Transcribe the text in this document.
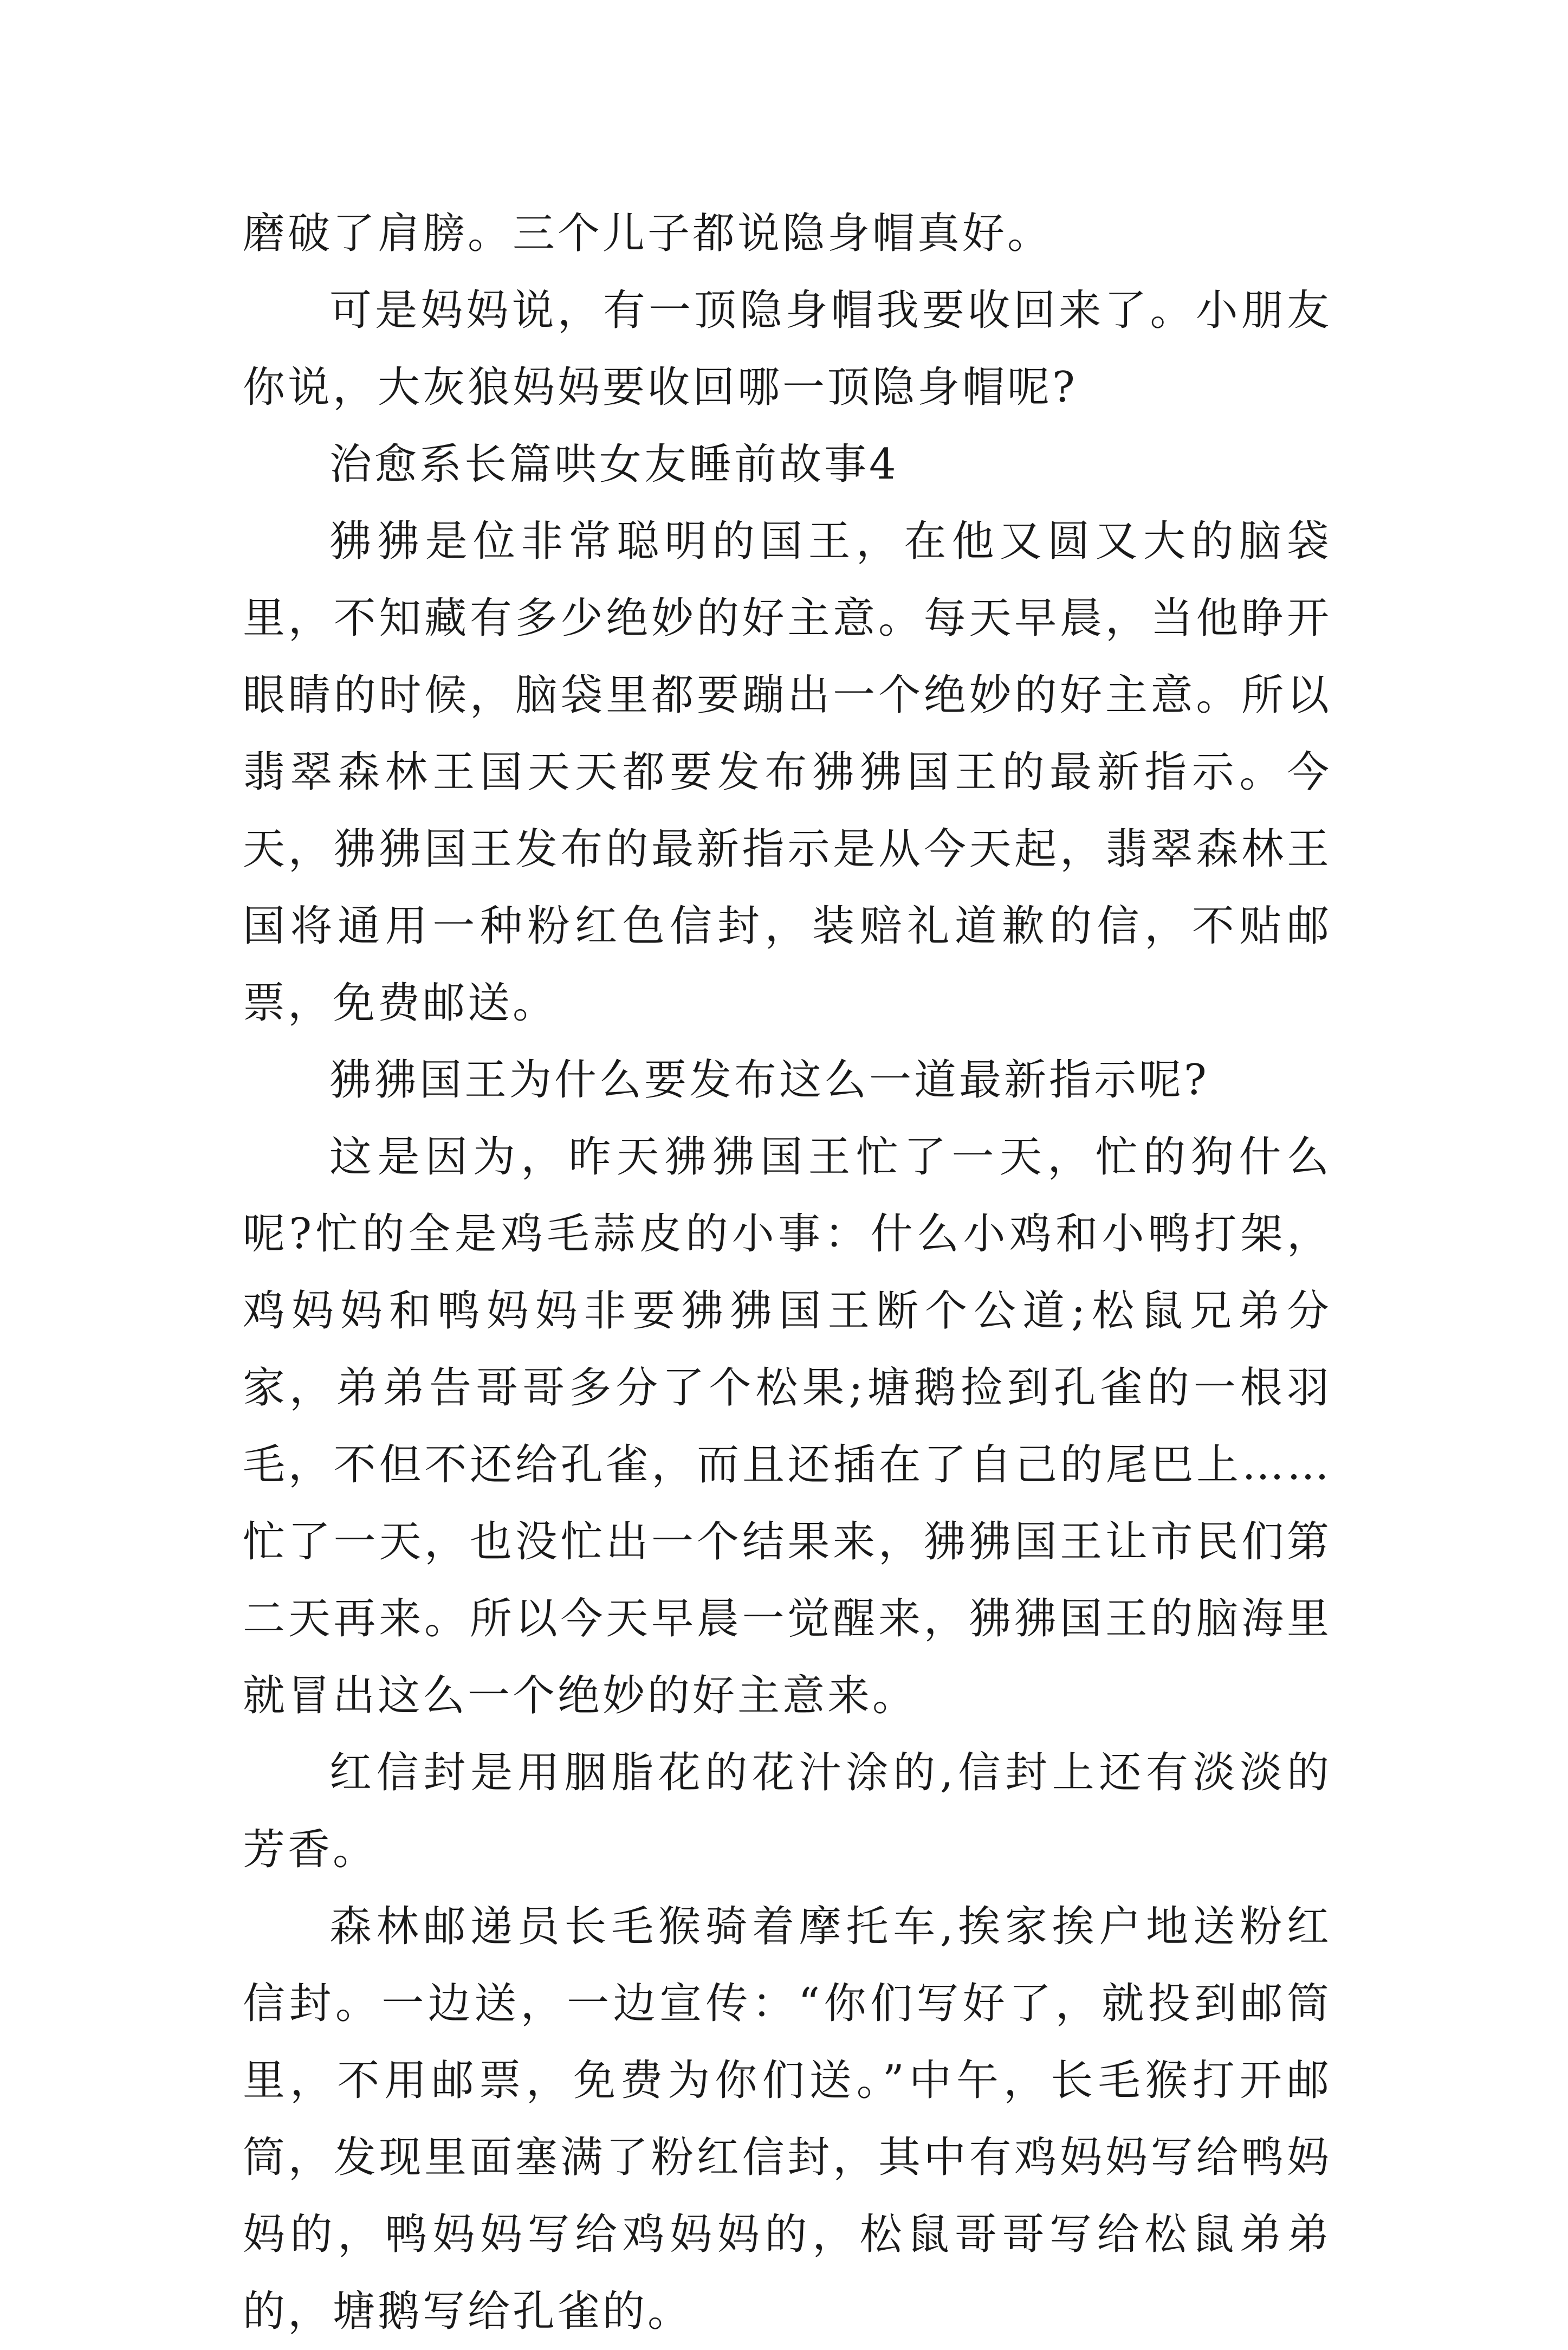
磨破了肩膀。三个儿子都说隐身帽真好。

可是妈妈说，有一顶隐身帽我要收回来了。小朋友你说，大灰狼妈妈要收回哪一顶隐身帽呢?

治愈系长篇哄女友睡前故事4

狒狒是位非常聪明的国王，在他又圆又大的脑袋里，不知藏有多少绝妙的好主意。每天早晨，当他睁开眼睛的时候，脑袋里都要蹦出一个绝妙的好主意。所以翡翠森林王国天天都要发布狒狒国王的最新指示。今天，狒狒国王发布的最新指示是从今天起，翡翠森林王国将通用一种粉红色信封，装赔礼道歉的信，不贴邮票，免费邮送。

狒狒国王为什么要发布这么一道最新指示呢?

这是因为，昨天狒狒国王忙了一天，忙的狗什么呢?忙的全是鸡毛蒜皮的小事：什么小鸡和小鸭打架，鸡妈妈和鸭妈妈非要狒狒国王断个公道;松鼠兄弟分家，弟弟告哥哥多分了个松果;塘鹅捡到孔雀的一根羽毛，不但不还给孔雀，而且还插在了自己的尾巴上……忙了一天，也没忙出一个结果来，狒狒国王让市民们第二天再来。所以今天早晨一觉醒来，狒狒国王的脑海里就冒出这么一个绝妙的好主意来。

红信封是用胭脂花的花汁涂的,信封上还有淡淡的芳香。

森林邮递员长毛猴骑着摩托车,挨家挨户地送粉红信封。一边送，一边宣传：“你们写好了，就投到邮筒里，不用邮票，免费为你们送。”中午，长毛猴打开邮筒，发现里面塞满了粉红信封，其中有鸡妈妈写给鸭妈妈的，鸭妈妈写给鸡妈妈的，松鼠哥哥写给松鼠弟弟的，塘鹅写给孔雀的。
